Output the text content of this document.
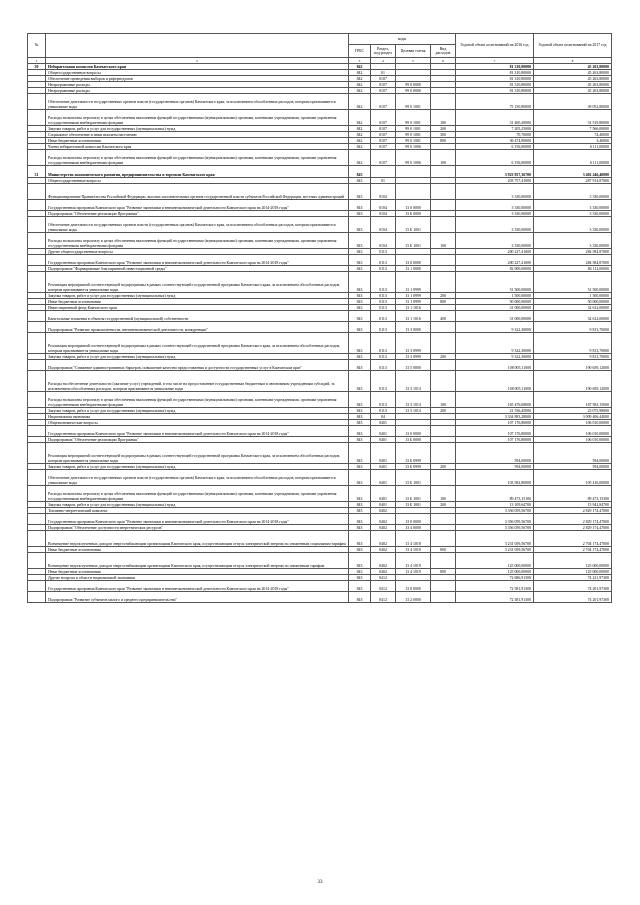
№		коды				Годовой объем ассигнований на 2016 год	Годовой объем ассигнований на 2017 год
		ГРБС	Раздел, под-раздел	Целевая статья	Вид расходов		
1	2	3	4	5	6	7	8
30	Избирательная комиссия Камчатского края	842				81 310,80000	45 263,80000
	Общегосударственные вопросы	842	01			81 310,80000	45 263,80000
	Обеспечение проведения выборов и референдумов	842	0107			81 310,80000	45 263,80000
	Непрограммные расходы	842	0107	99 0 0000		81 310,80000	45 263,80000
	Непрограммные расходы	842	0107	99 0 0000		81 310,80000	45 263,80000
	Обеспечение деятельности государственных органов власти (государственных органов) Камчатского края, за исключением обособленных расходов, которым присваиваются уникальные коды	842	0107	99 0 1001		75 150,80000	39 052,80000
	Расходы на выплаты персоналу в целях обеспечения выполнения функций государственными (муниципальными) органами, казенными учреждениями, органами управления государственными внебюджетными фондами	842	0107	99 0 1001	100	31 400,20000	31 519,80000
	Закупка товаров, работ и услуг для государственных (муниципальных) нужд	842	0107	99 0 1001	200	7 205,25000	7 566,00000
	Социальное обеспечение и иные выплаты населению	842	0107	99 0 1001	300	70,70000	74,40000
	Иные бюджетные ассигнования	842	0107	99 0 1001	800	36 474,90000	3,40000
	Члены избирательной комиссии Камчатского края	842	0107	99 0 1006		6 156,00000	6 111,00000
	Расходы на выплаты персоналу в целях обеспечения выполнения функций государственными (муниципальными) органами, казенными учреждениями, органами управления государственными внебюджетными фондами	842	0107	99 0 1006	100	6 156,00000	6 111,00000
31	Министерство экономического развития, предпринимательства и торговли Камчатского края	843				3 923 957,36700	3 402 246,40000
	Общегосударственные вопросы	843	01			203 757,41000	287 914,87000
	Функционирование Правительства Российской Федерации, высших исполнительных органов государственной власти субъектов Российской Федерации, местных администраций	843	0104			3 330,00000	3 330,00000
	Государственная программа Камчатского края "Развитие экономики и внешнеэкономической деятельности Камчатского края на 2014-2018 годы"	843	0104	13 0 0000		3 330,00000	3 330,00000
	Подпрограмма "Обеспечение реализации Программы"	843	0104	13 Б 0000		3 330,00000	3 330,00000
	Обеспечение деятельности государственных органов власти (государственных органов) Камчатского края, за исключением обособленных расходов, которым присваиваются уникальные коды	843	0104	13 Б 1001		3 330,00000	3 330,00000
	Расходы на выплаты персоналу в целях обеспечения выполнения функций государственными (муниципальными) органами, казенными учреждениями, органами управления государственными внебюджетными фондами	843	0104	13 Б 1001	100	3 330,00000	3 330,00000
	Другие общегосударственные вопросы	843	0113			200 227,41000	284 584,87000
	Государственная программа Камчатского края "Развитие экономики и внешнеэкономической деятельности Камчатского края на 2014-2018 годы"	843	0113	13 0 0000		200 227,41000	284 584,87000
	Подпрограмма "Формирование благоприятной инвестиционной среды"	843	0113	13 1 0000		82 900,00000	84 112,00000
	Реализация мероприятий соответствующей подпрограммы в рамках соответствующей государственной программы Камчатского края, за исключением обособленных расходов, которым присваиваются уникальные коды	843	0113	13 1 0999		51 500,00000	51 500,00000
	Закупка товаров, работ и услуг для государственных (муниципальных) нужд	843	0113	13 1 0999	200	1 500,00000	1 500,00000
	Иные бюджетные ассигнования	843	0113	13 1 0999	800	50 000,00000	50 000,00000
	Инвестиционный фонд Камчатского края	843	0113	13 1 1016		31 000,00000	32 612,00000
	Капитальные вложения в объекты государственной (муниципальной) собственности	843	0113	13 1 1016	400	31 000,00000	32 612,00000
	Подпрограмма "Развитие промышленности, внешнеэкономической деятельности, конкуренции"	843	0113	13 3 0000		9 322,30000	9 813,70000
	Реализация мероприятий соответствующей подпрограммы в рамках соответствующей государственной программы Камчатского края, за исключением обособленных расходов, которым присваиваются уникальные коды	843	0113	13 3 0999		9 322,30000	9 813,70000
	Закупка товаров, работ и услуг для государственных (муниципальных) нужд	843	0113	13 3 0999	200	9 322,30000	9 813,70000
	Подпрограмма "Снижение административных барьеров, повышение качества предоставления и доступности государственных услуг в Камчатском крае"	843	0113	13 5 0000		108 005,11000	190 659,12000
	Расходы на обеспечение деятельности (оказание услуг) учреждений, в том числе на предоставление государственным бюджетным и автономным учреждениям субсидий, за исключением обособленных расходов, которым присваиваются уникальные коды	843	0113	13 5 1014		108 005,11000	190 659,12000
	Расходы на выплаты персоналу в целях обеспечения выполнения функций государственными (муниципальными) органами, казенными учреждениями, органами управления государственными внебюджетными фондами	843	0113	13 5 1014	100	165 476,68000	167 583,15000
	Закупка товаров, работ и услуг для государственных (муниципальных) нужд	843	0113	13 5 1014	200	21 536,45000	23 075,98000
	Национальная экономика	843	04			3 334 883,28000	3 009 406,44000
	Общеэкономические вопросы	843	0401			107 176,80000	106 010,00000
	Государственная программа Камчатского края "Развитие экономики и внешнеэкономической деятельности Камчатского края на 2014-2018 годы"	843	0401	13 0 0000		107 176,80000	106 010,00000
	Подпрограмма "Обеспечение реализации Программы"	843	0401	13 Б 0000		107 176,80000	106 010,00000
	Реализация мероприятий соответствующей подпрограммы в рамках соответствующей государственной программы Камчатского края, за исключением обособленных расходов, которым присваиваются уникальные коды	843	0401	13 Б 0999		594,00000	594,00000
	Закупка товаров, работ и услуг для государственных (муниципальных) нужд	843	0401	13 Б 0999	200	594,00000	594,00000
	Обеспечение деятельности государственных органов власти (государственных органов) Камчатского края, за исключением обособленных расходов, которым присваиваются уникальные коды	843	0401	13 Б 1001		103 582,80000	105 416,00000
	Расходы на выплаты персоналу в целях обеспечения выполнения функций государственными (муниципальными) органами, казенными учреждениями, органами управления государственными внебюджетными фондами	843	0401	13 Б 1001	100	89 473,15100	89 473,15300
	Закупка товаров, работ и услуг для государственных (муниципальных) нужд	843	0401	13 Б 1001	200	13 109,64700	15 942,84700
	Топливно-энергетический комплекс	843	0402			3 356 059,56700	2 829 174,47000
	Государственная программа Камчатского края "Развитие экономики и внешнеэкономической деятельности Камчатского края на 2014-2018 годы"	843	0402	13 0 0000		3 356 059,56700	2 829 174,47000
	Подпрограмма "Обеспечение доступности энергетических ресурсов"	843	0402	13 4 0000		3 356 059,56700	2 829 174,47000
	Возмещение недополученных доходов энергоснабжающим организациям Камчатского края, осуществляющим отпуск электрической энергии по сниженным социальным тарифам	843	0402	13 4 1018		3 231 059,56700	2 704 174,47000
	Иные бюджетные ассигнования	843	0402	13 4 1018	800	3 231 059,56700	2 704 174,47000
	Возмещение недополученных доходов энергоснабжающим организациям Камчатского края, осуществляющим отпуск электрической энергии по сниженным тарифам	843	0402	13 4 1019		125 000,00000	125 000,00000
	Иные бюджетные ассигнования	843	0402	13 4 1019	800	125 000,00000	125 000,00000
	Другие вопросы в области национальной экономики	843	0412			72 686,91300	74 221,97300
	Государственная программа Камчатского края "Развитие экономики и внешнеэкономической деятельности Камчатского края на 2014-2018 годы"	843	0412	13 0 0000		72 581,91300	74 201,97300
	Подпрограмма "Развитие субъектов малого и среднего предпринимательства"	843	0412	13 2 0000		72 581,91300	74 201,97300
33
